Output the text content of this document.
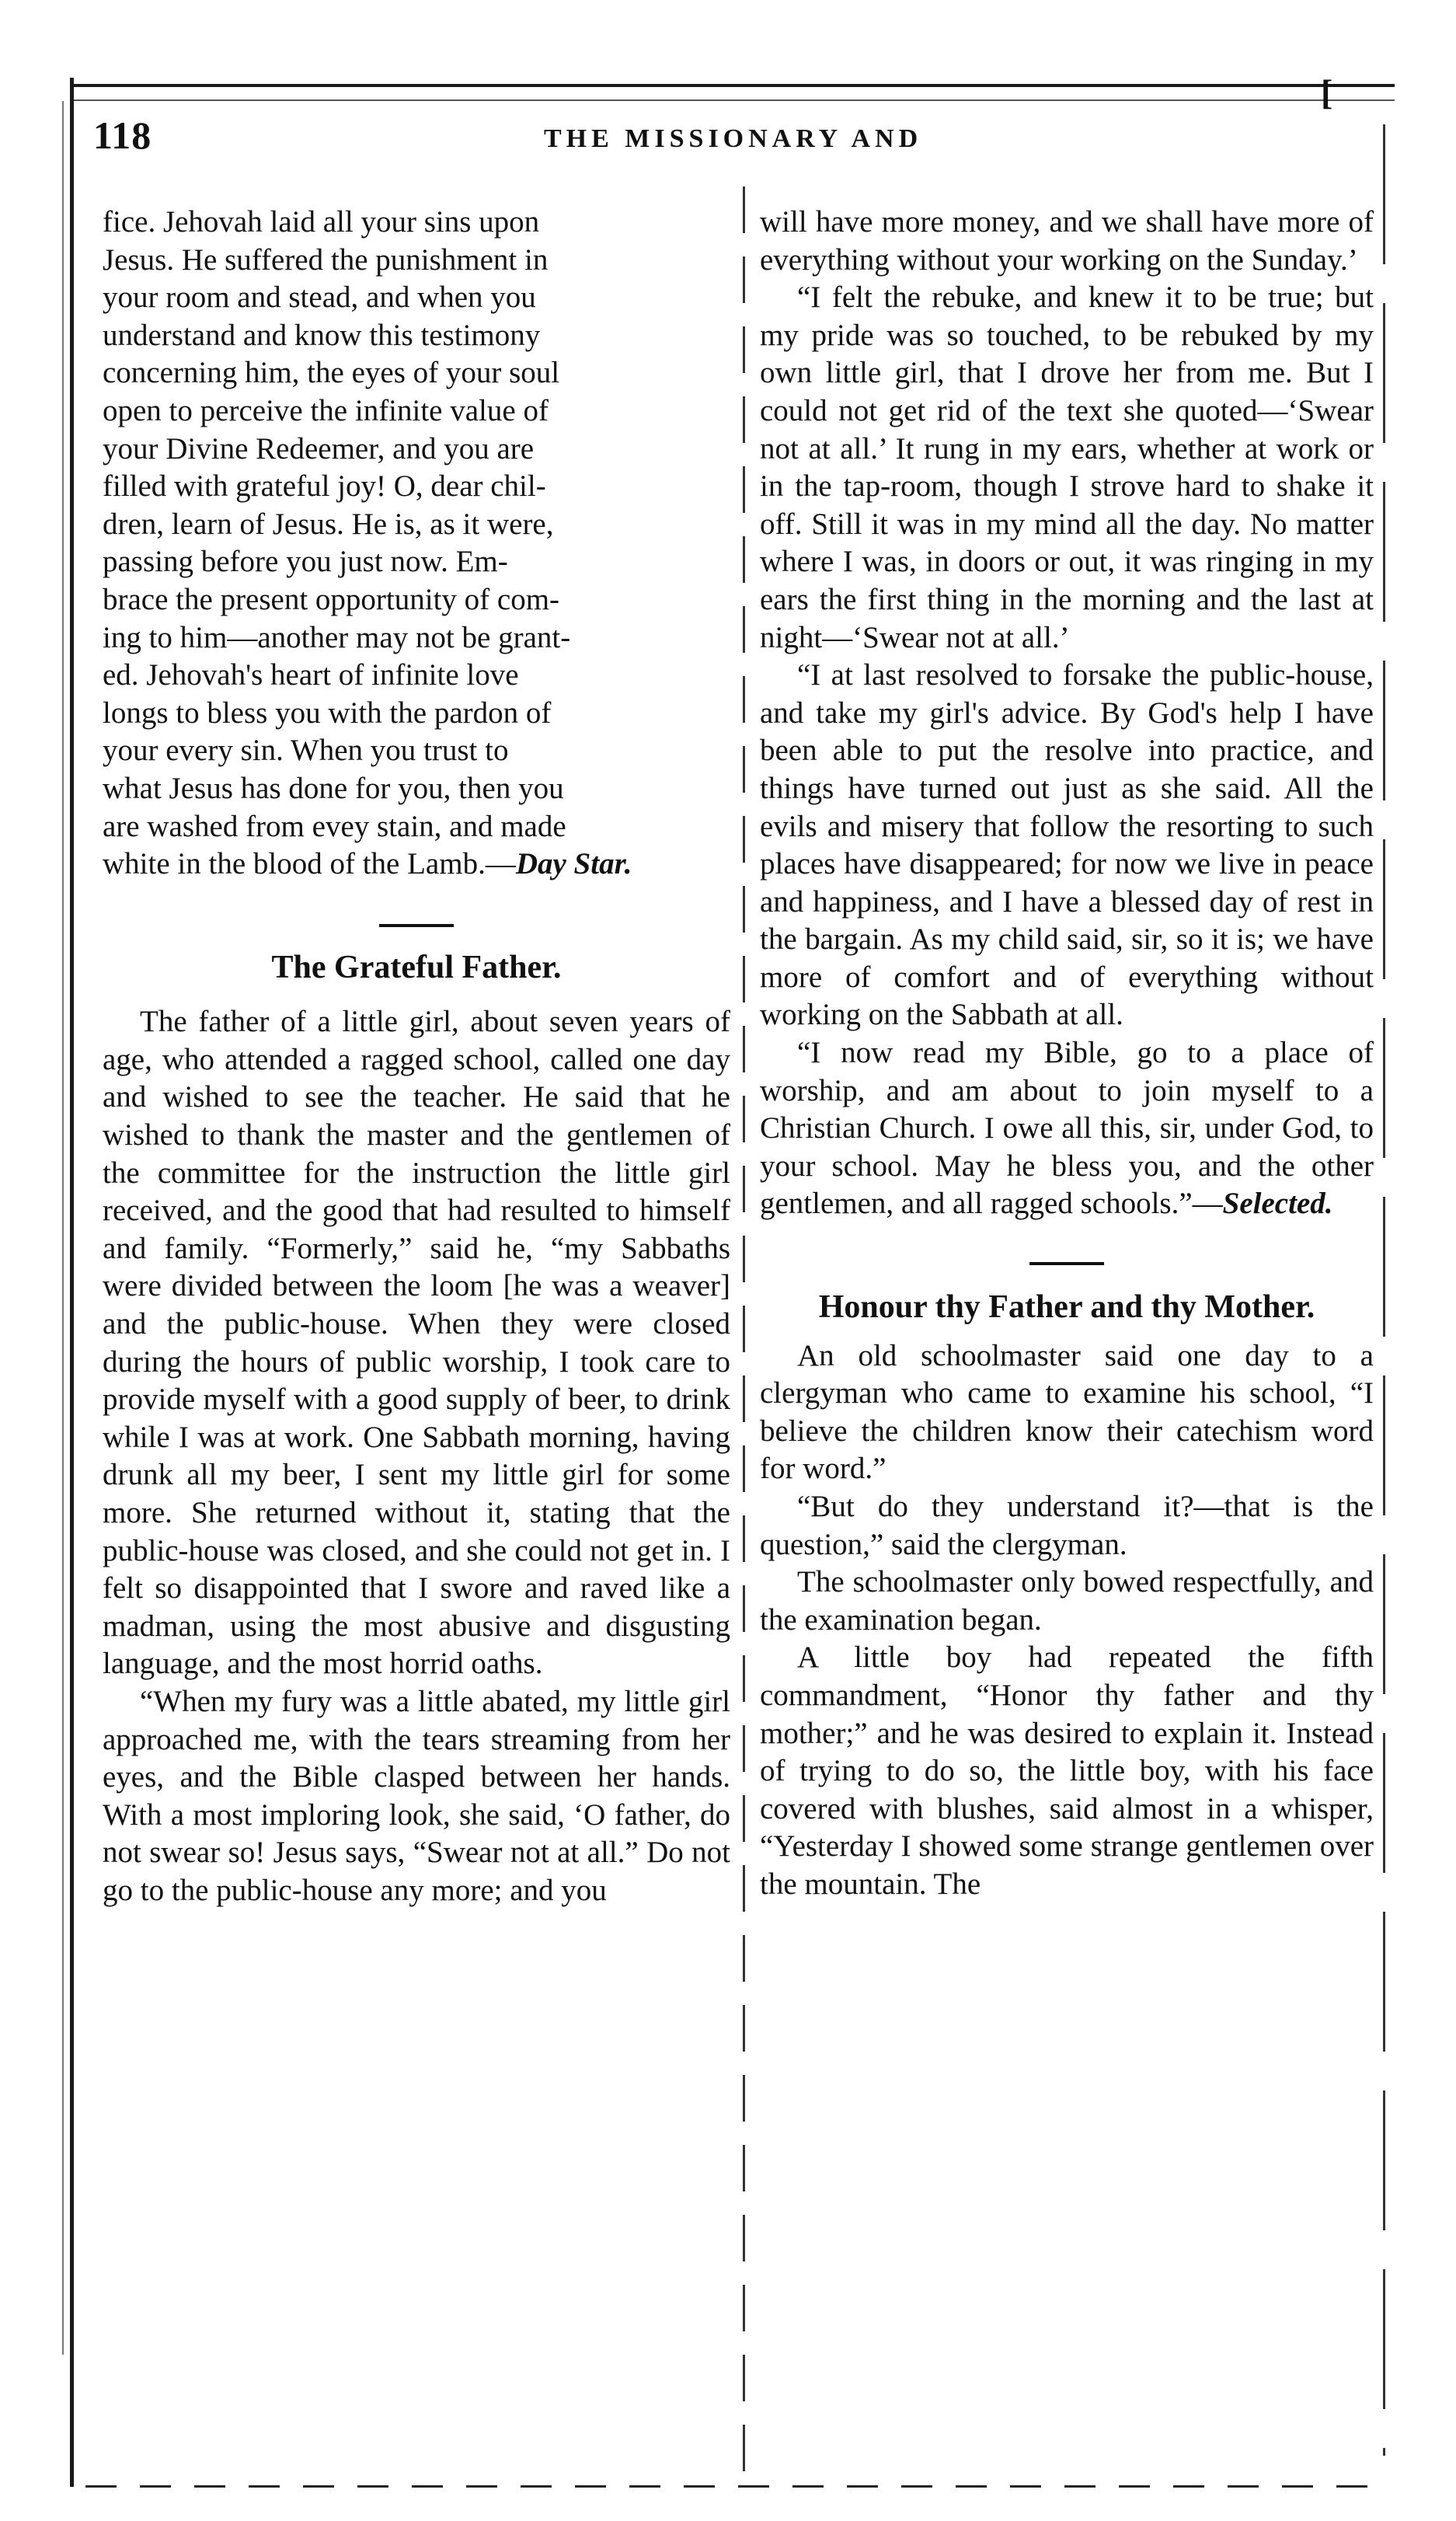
118	THE MISSIONARY AND
[
fice. Jehovah laid all your sins upon
Jesus. He suffered the punishment in
your room and stead, and when you
understand and know this testimony
concerning him, the eyes of your soul
open to perceive the infinite value of
your Divine Redeemer, and you are
filled with grateful joy! O, dear chil-
dren, learn of Jesus. He is, as it were,
passing before you just now. Em-
brace the present opportunity of com-
ing to him—another may not be grant-
ed. Jehovah's heart of infinite love
longs to bless you with the pardon of
your every sin. When you trust to
what Jesus has done for you, then you
are washed from evey stain, and made
white in the blood of the Lamb.—Day Star.
The Grateful Father.

The father of a little girl, about seven years of age, who attended a ragged school, called one day and wished to see the teacher. He said that he wished to thank the master and the gentlemen of the committee for the instruction the little girl received, and the good that had resulted to himself and family. “Formerly,” said he, “my Sabbaths were divided between the loom [he was a weaver] and the public-house. When they were closed during the hours of public worship, I took care to provide myself with a good supply of beer, to drink while I was at work. One Sabbath morning, having drunk all my beer, I sent my little girl for some more. She returned without it, stating that the public-house was closed, and she could not get in. I felt so disappointed that I swore and raved like a madman, using the most abusive and disgusting language, and the most horrid oaths.

“When my fury was a little abated, my little girl approached me, with the tears streaming from her eyes, and the Bible clasped between her hands. With a most imploring look, she said, ‘O father, do not swear so! Jesus says, “Swear not at all.” Do not go to the public-house any more; and you

will have more money, and we shall have more of everything without your working on the Sunday.’

“I felt the rebuke, and knew it to be true; but my pride was so touched, to be rebuked by my own little girl, that I drove her from me. But I could not get rid of the text she quoted—‘Swear not at all.’ It rung in my ears, whether at work or in the tap-room, though I strove hard to shake it off. Still it was in my mind all the day. No matter where I was, in doors or out, it was ringing in my ears the first thing in the morning and the last at night—‘Swear not at all.’

“I at last resolved to forsake the public-house, and take my girl's advice. By God's help I have been able to put the resolve into practice, and things have turned out just as she said. All the evils and misery that follow the resorting to such places have disappeared; for now we live in peace and happiness, and I have a blessed day of rest in the bargain. As my child said, sir, so it is; we have more of comfort and of everything without working on the Sabbath at all.

“I now read my Bible, go to a place of worship, and am about to join myself to a Christian Church. I owe all this, sir, under God, to your school. May he bless you, and the other gentlemen, and all ragged schools.”—Selected.

Honour thy Father and thy Mother.

An old schoolmaster said one day to a clergyman who came to examine his school, “I believe the children know their catechism word for word.”

“But do they understand it?—that is the question,” said the clergyman.

The schoolmaster only bowed respectfully, and the examination began.

A little boy had repeated the fifth commandment, “Honor thy father and thy mother;” and he was desired to explain it. Instead of trying to do so, the little boy, with his face covered with blushes, said almost in a whisper, “Yesterday I showed some strange gentlemen over the mountain. The
